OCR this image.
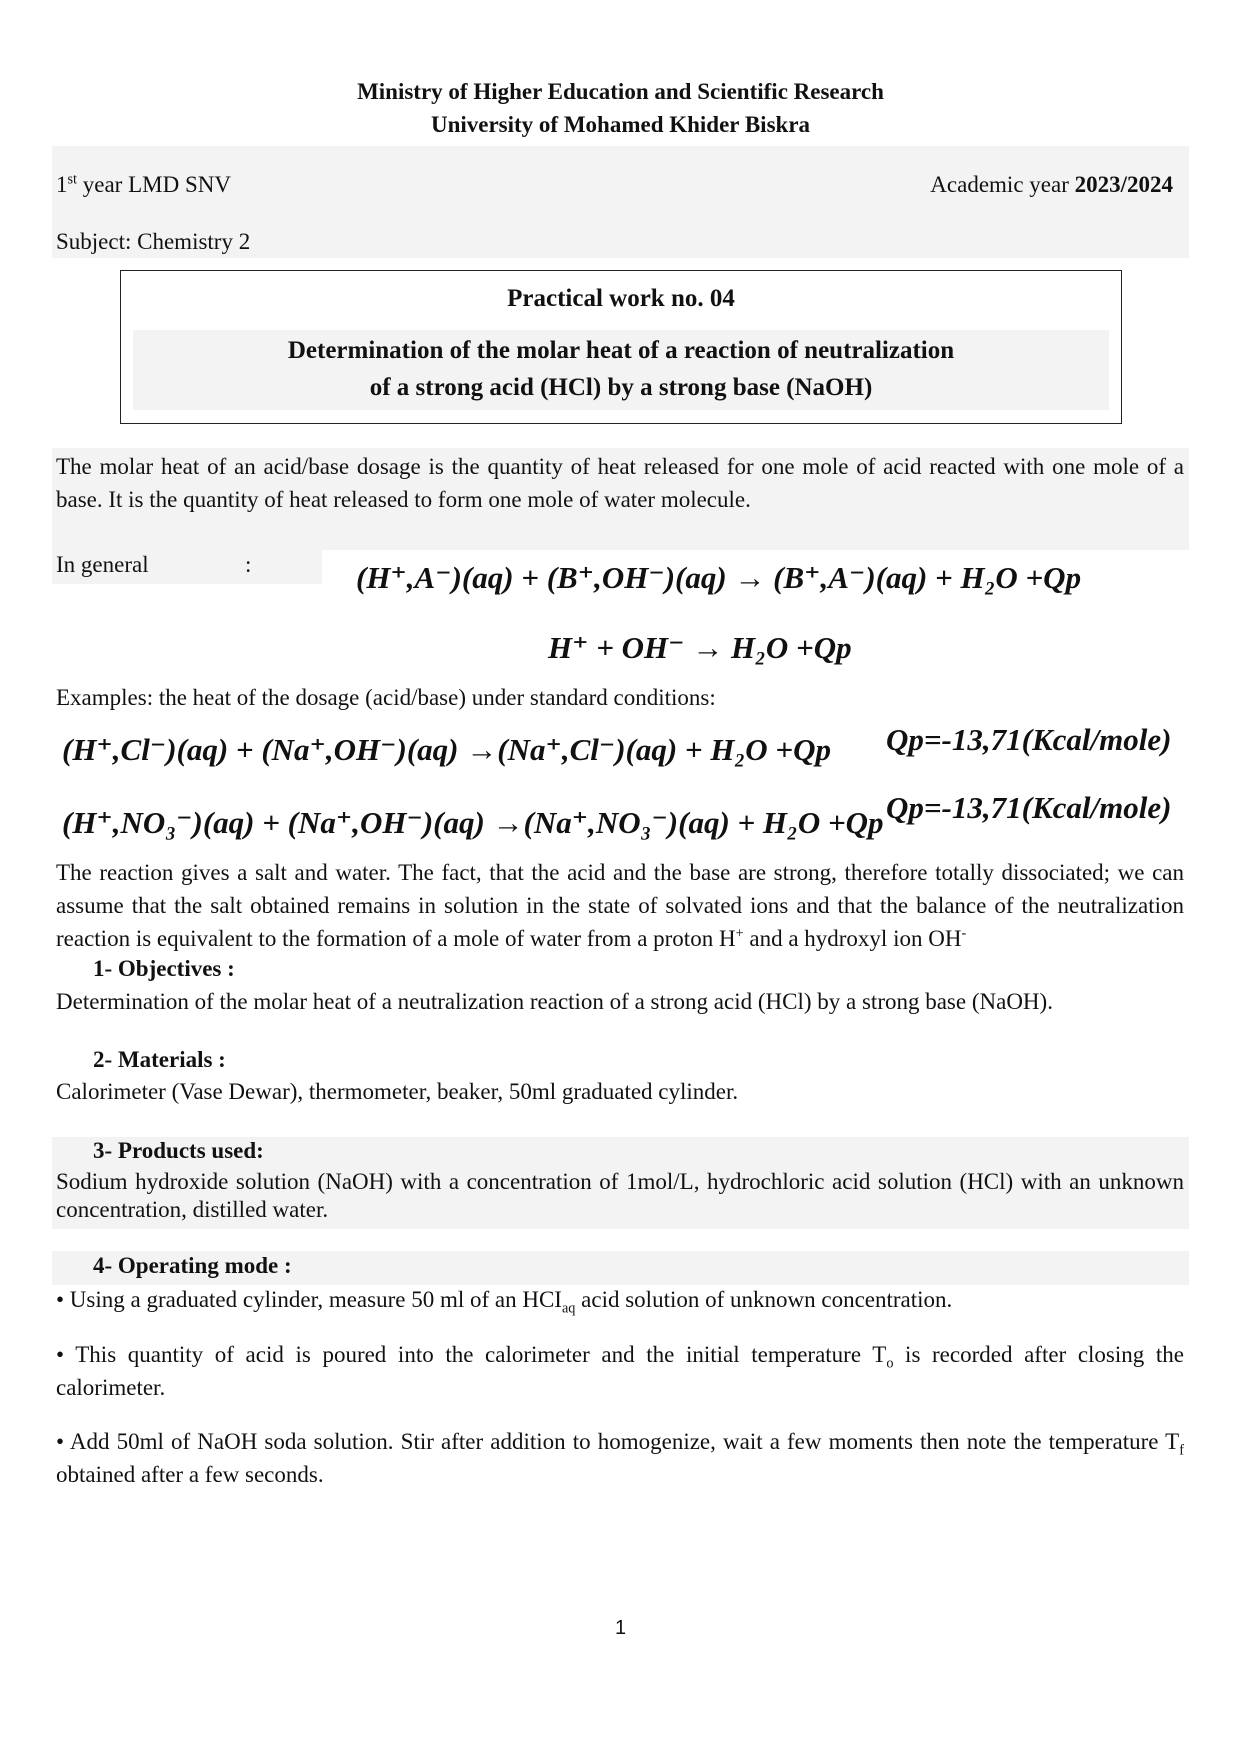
Ministry of Higher Education and Scientific Research
University of Mohamed Khider Biskra
1st year LMD SNV	Academic year 2023/2024
Subject: Chemistry 2
Practical work no. 04
Determination of the molar heat of a reaction of neutralization
of a strong acid (HCl) by a strong base (NaOH)
The molar heat of an acid/base dosage is the quantity of heat released for one mole of acid reacted with one mole of a base. It is the quantity of heat released to form one mole of water molecule.
In general	:	(H⁺,A⁻)(aq) + (B⁺,OH⁻)(aq) → (B⁺,A⁻)(aq) + H₂O +Qp
H⁺ + OH⁻ → H₂O +Qp
Examples: the heat of the dosage (acid/base) under standard conditions:
(H⁺,Cl⁻)(aq) + (Na⁺,OH⁻)(aq) →(Na⁺,Cl⁻)(aq) + H₂O +Qp Qp=-13,71(Kcal/mole)
(H⁺,NO₃⁻)(aq) + (Na⁺,OH⁻)(aq) →(Na⁺,NO₃⁻)(aq) + H₂O +Qp Qp=-13,71(Kcal/mole)
The reaction gives a salt and water. The fact, that the acid and the base are strong, therefore totally dissociated; we can assume that the salt obtained remains in solution in the state of solvated ions and that the balance of the neutralization reaction is equivalent to the formation of a mole of water from a proton H+ and a hydroxyl ion OH-
1- Objectives :
Determination of the molar heat of a neutralization reaction of a strong acid (HCl) by a strong base (NaOH).
2- Materials :
Calorimeter (Vase Dewar), thermometer, beaker, 50ml graduated cylinder.
3- Products used:
Sodium hydroxide solution (NaOH) with a concentration of 1mol/L, hydrochloric acid solution (HCl) with an unknown concentration, distilled water.
4- Operating mode :
• Using a graduated cylinder, measure 50 ml of an $HCI_{aq}$ acid solution of unknown concentration.
• This quantity of acid is poured into the calorimeter and the initial temperature $T_o$ is recorded after closing the calorimeter.
• Add 50ml of NaOH soda solution. Stir after addition to homogenize, wait a few moments then note the temperature $T_f$ obtained after a few seconds.
1
